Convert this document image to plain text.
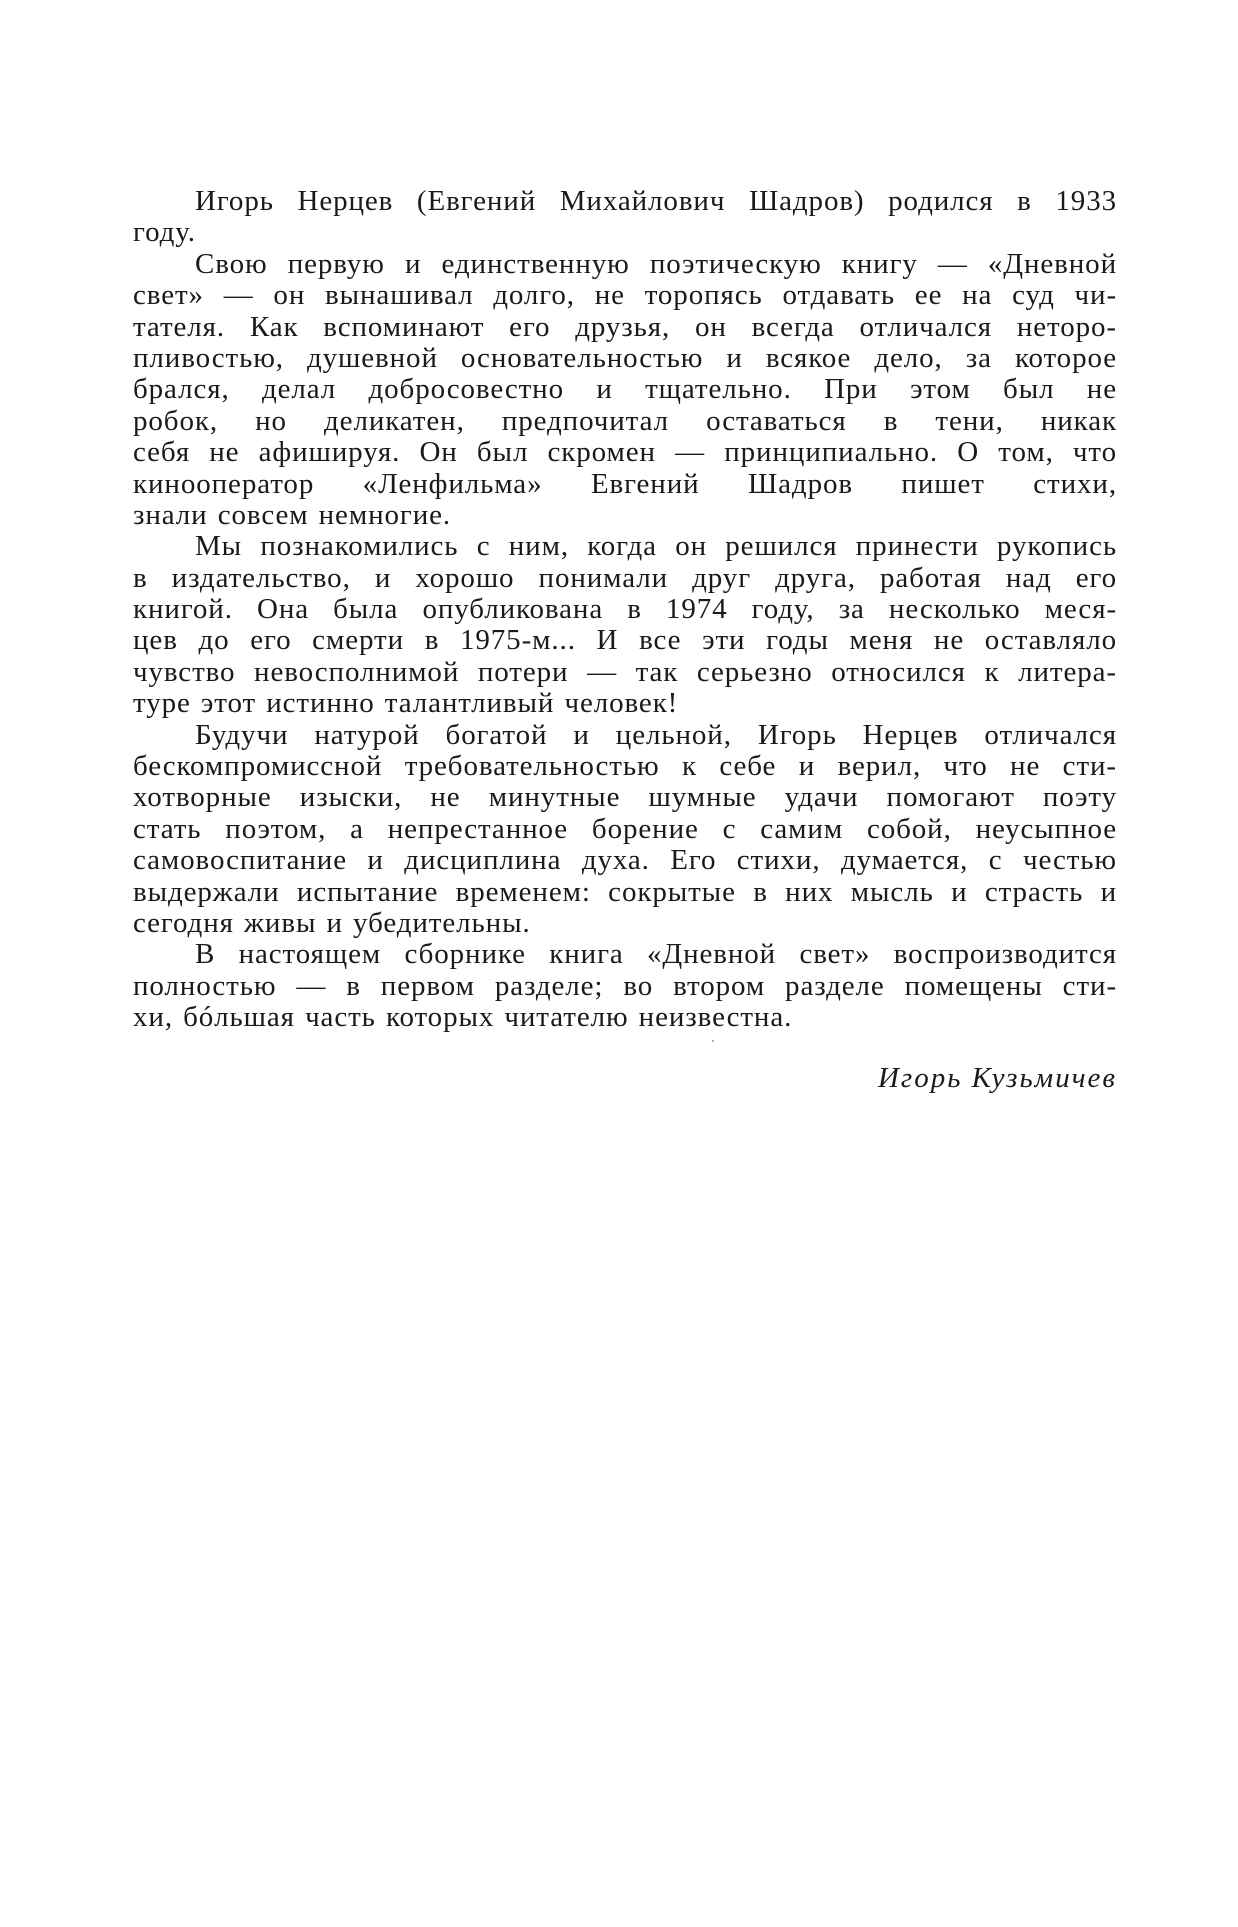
Игорь Нерцев (Евгений Михайлович Шадров) родился в 1933
году.

Свою первую и единственную поэтическую книгу — «Дневной
свет» — он вынашивал долго, не торопясь отдавать ее на суд чи-
тателя. Как вспоминают его друзья, он всегда отличался неторо-
пливостью, душевной основательностью и всякое дело, за которое
брался, делал добросовестно и тщательно. При этом был не
робок, но деликатен, предпочитал оставаться в тени, никак
себя не афишируя. Он был скромен — принципиально. О том, что
кинооператор «Ленфильма» Евгений Шадров пишет стихи,
знали совсем немногие.

Мы познакомились с ним, когда он решился принести рукопись
в издательство, и хорошо понимали друг друга, работая над его
книгой. Она была опубликована в 1974 году, за несколько меся-
цев до его смерти в 1975-м... И все эти годы меня не оставляло
чувство невосполнимой потери — так серьезно относился к литера-
туре этот истинно талантливый человек!

Будучи натурой богатой и цельной, Игорь Нерцев отличался
бескомпромиссной требовательностью к себе и верил, что не сти-
хотворные изыски, не минутные шумные удачи помогают поэту
стать поэтом, а непрестанное борение с самим собой, неусыпное
самовоспитание и дисциплина духа. Его стихи, думается, с честью
выдержали испытание временем: сокрытые в них мысль и страсть и
сегодня живы и убедительны.

В настоящем сборнике книга «Дневной свет» воспроизводится
полностью — в первом разделе; во втором разделе помещены сти-
хи, бóльшая часть которых читателю неизвестна.

Игорь Кузьмичев
